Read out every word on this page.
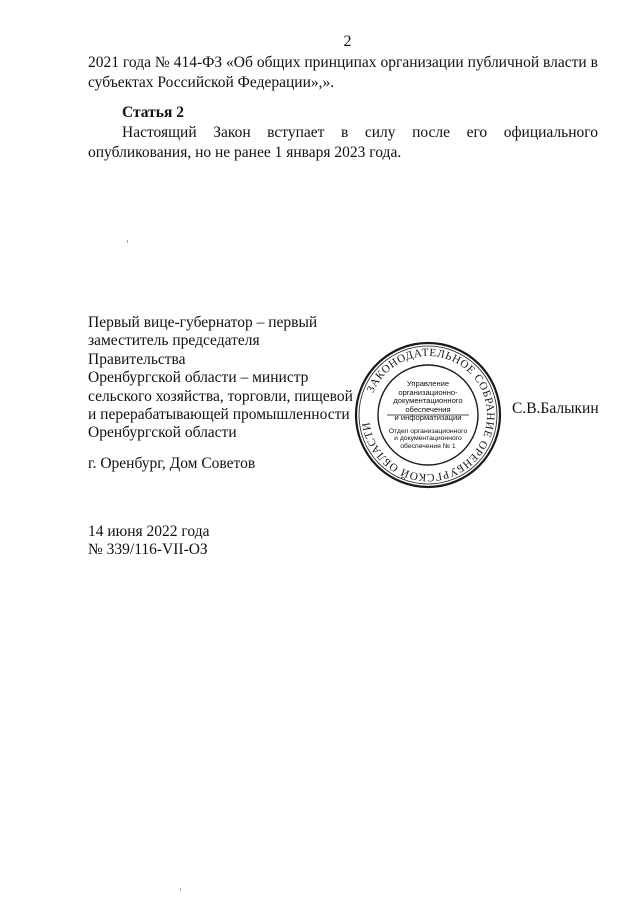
2
2021 года № 414-ФЗ «Об общих принципах организации публичной власти в субъектах Российской Федерации»,».
Статья 2
Настоящий Закон вступает в силу после его официального опубликования, но не ранее 1 января 2023 года.
Первый вице-губернатор – первый
заместитель председателя Правительства
Оренбургской области – министр
сельского хозяйства, торговли, пищевой
и перерабатывающей промышленности
Оренбургской области
ЗАКОНОДАТЕЛЬНОЕ СОБРАНИЕ ОРЕНБУРГСКОЙ ОБЛАСТИ
Управление
организационно-
документационного
обеспечения
и информатизации
Отдел организационного
и документационного
обеспечения № 1
С.В.Балыкин
г. Оренбург, Дом Советов
14 июня 2022 года
№ 339/116-VII-ОЗ
